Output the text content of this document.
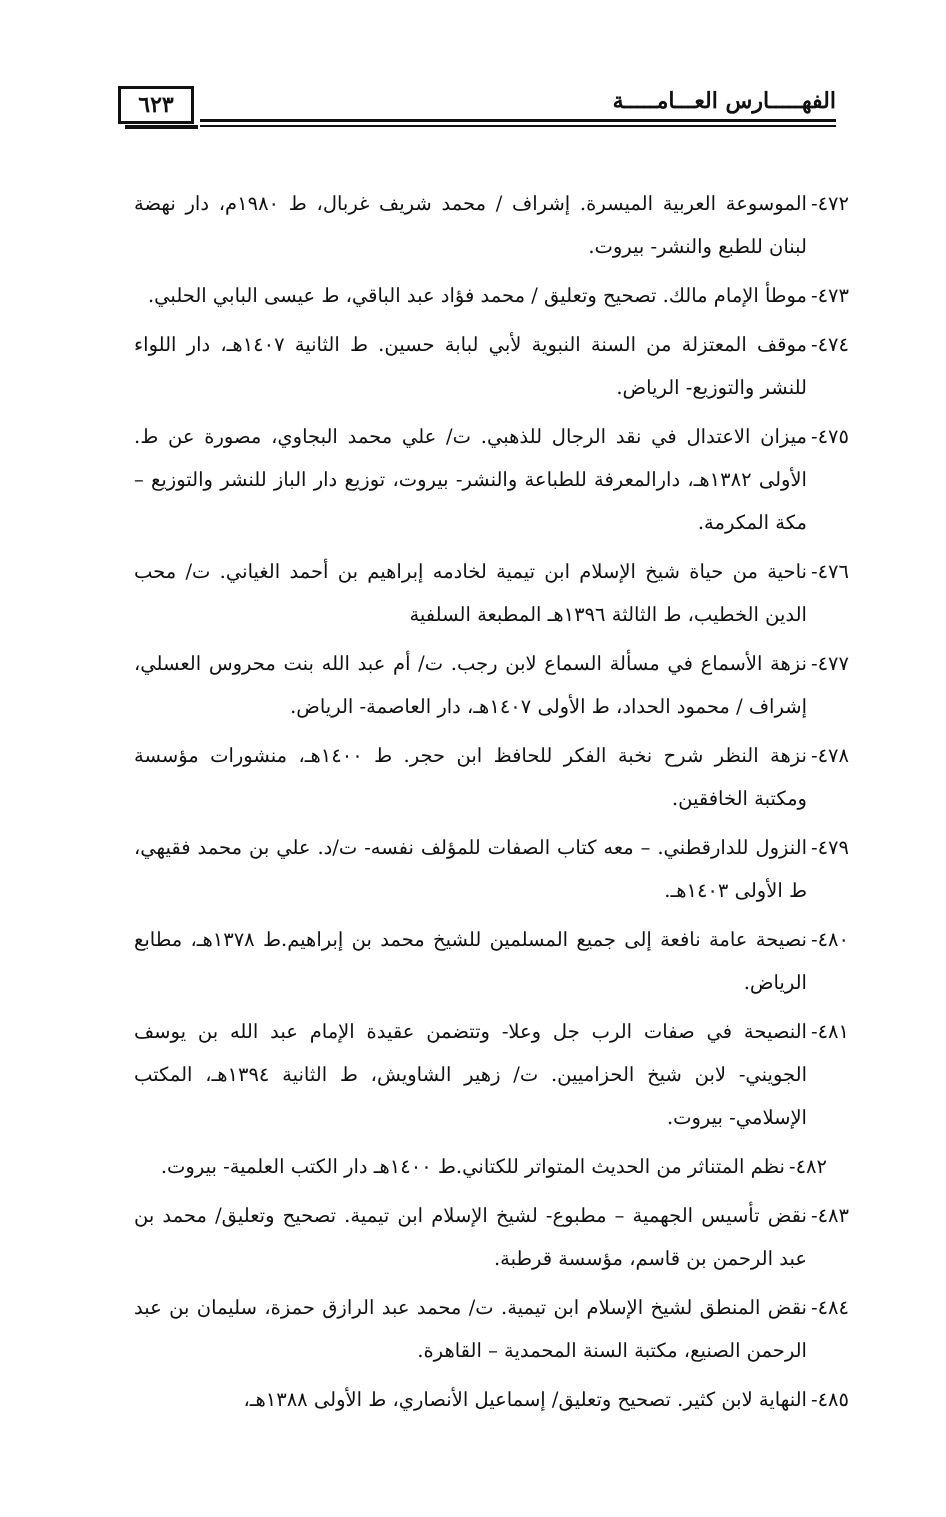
٦٢٣	الفهـــــارس العـــامـــــة
٤٧٢-
الموسوعة العربية الميسرة. إشراف / محمد شريف غربال، ط ١٩٨٠م، دار نهضة لبنان للطبع والنشر- بيروت.
٤٧٣-
موطأ الإمام مالك. تصحيح وتعليق / محمد فؤاد عبد الباقي، ط عيسى البابي الحلبي.
٤٧٤-
موقف المعتزلة من السنة النبوية لأبي لبابة حسين. ط الثانية ١٤٠٧هـ، دار اللواء للنشر والتوزيع- الرياض.
٤٧٥-
ميزان الاعتدال في نقد الرجال للذهبي. ت/ علي محمد البجاوي، مصورة عن ط. الأولى ١٣٨٢هـ، دارالمعرفة للطباعة والنشر- بيروت، توزيع دار الباز للنشر والتوزيع – مكة المكرمة.
٤٧٦-
ناحية من حياة شيخ الإسلام ابن تيمية لخادمه إبراهيم بن أحمد الغياني. ت/ محب الدين الخطيب، ط الثالثة ١٣٩٦هـ المطبعة السلفية
٤٧٧-
نزهة الأسماع في مسألة السماع لابن رجب. ت/ أم عبد الله بنت محروس العسلي، إشراف / محمود الحداد، ط الأولى ١٤٠٧هـ، دار العاصمة- الرياض.
٤٧٨-
نزهة النظر شرح نخبة الفكر للحافظ ابن حجر. ط ١٤٠٠هـ، منشورات مؤسسة ومكتبة الخافقين.
٤٧٩-
النزول للدارقطني. – معه كتاب الصفات للمؤلف نفسه- ت/د. علي بن محمد فقيهي، ط الأولى ١٤٠٣هـ.
٤٨٠-
نصيحة عامة نافعة إلى جميع المسلمين للشيخ محمد بن إبراهيم.ط ١٣٧٨هـ، مطابع الرياض.
٤٨١-
النصيحة في صفات الرب جل وعلا- وتتضمن عقيدة الإمام عبد الله بن يوسف الجويني- لابن شيخ الحزاميين. ت/ زهير الشاويش، ط الثانية ١٣٩٤هـ، المكتب الإسلامي- بيروت.
٤٨٢-
نظم المتناثر من الحديث المتواتر للكتاني.ط ١٤٠٠هـ دار الكتب العلمية- بيروت.
٤٨٣-
نقض تأسيس الجهمية – مطبوع- لشيخ الإسلام ابن تيمية. تصحيح وتعليق/ محمد بن عبد الرحمن بن قاسم، مؤسسة قرطبة.
٤٨٤-
نقض المنطق لشيخ الإسلام ابن تيمية. ت/ محمد عبد الرازق حمزة، سليمان بن عبد الرحمن الصنيع، مكتبة السنة المحمدية – القاهرة.
٤٨٥-
النهاية لابن كثير. تصحيح وتعليق/ إسماعيل الأنصاري، ط الأولى ١٣٨٨هـ،
